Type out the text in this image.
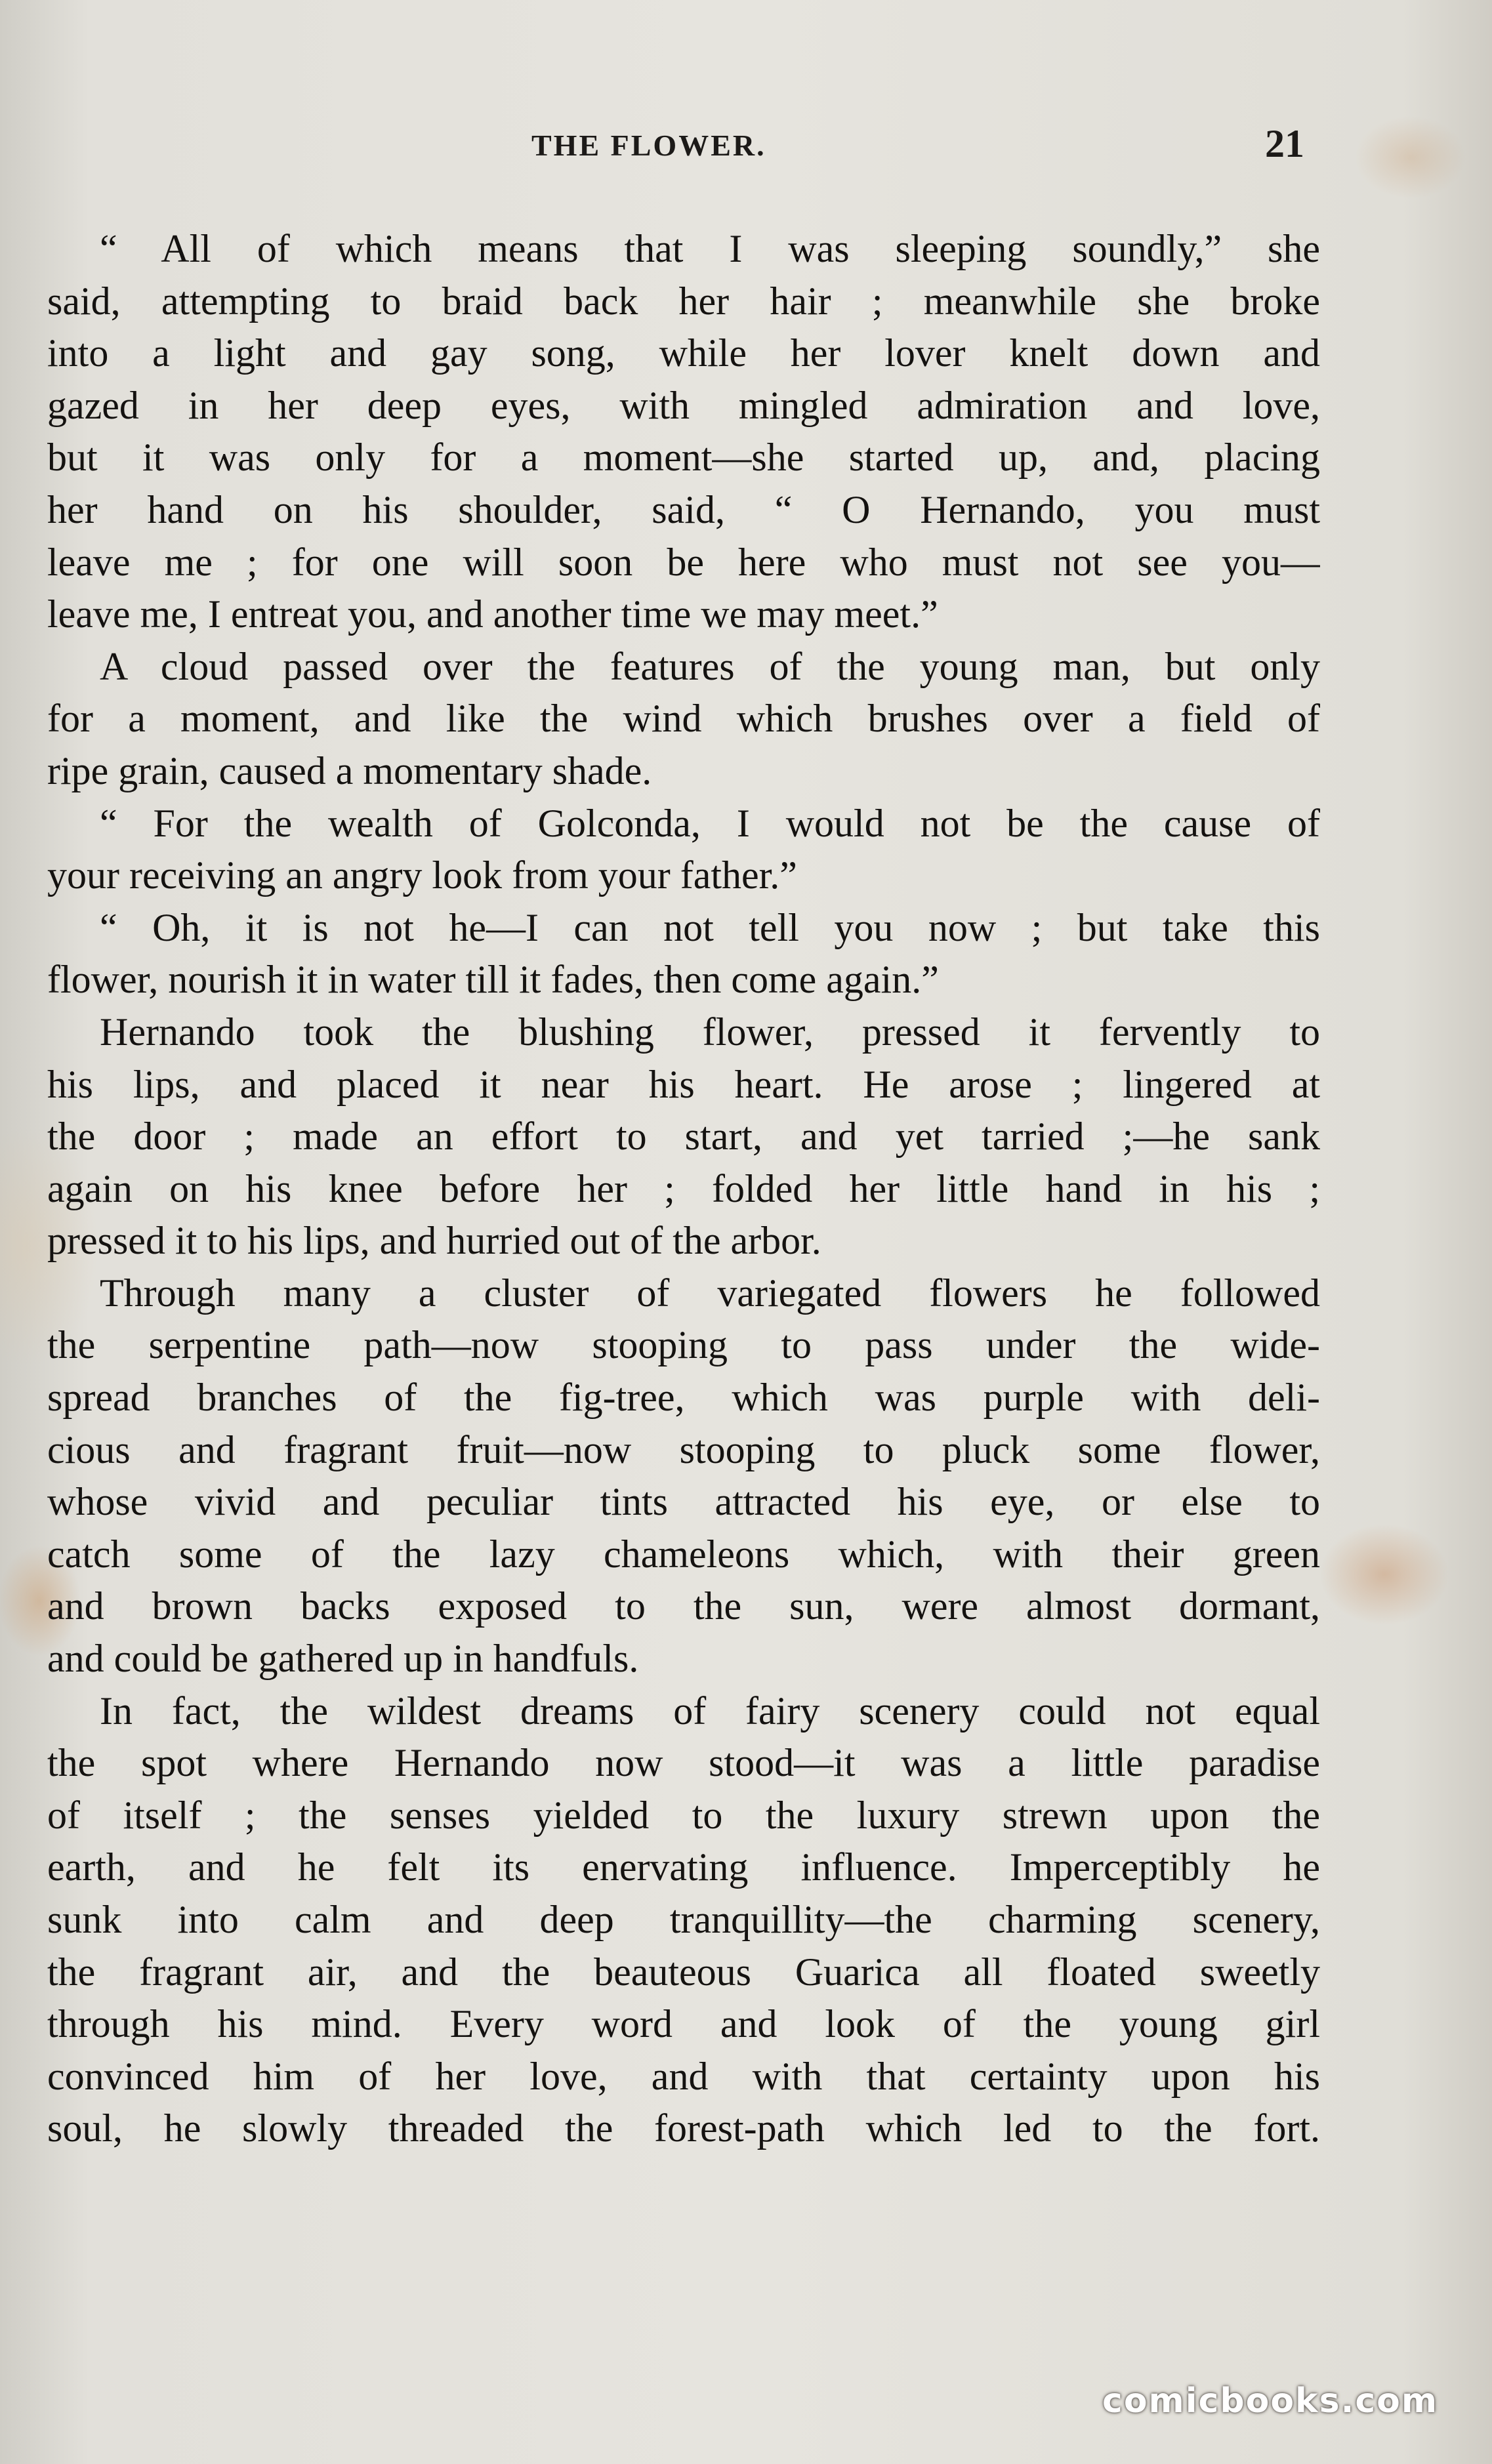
THE FLOWER.	21
“ All of which means that I was sleeping soundly,” she
said, attempting to braid back her hair ; meanwhile she broke
into a light and gay song, while her lover knelt down and
gazed in her deep eyes, with mingled admiration and love,
but it was only for a moment—she started up, and, placing
her hand on his shoulder, said, “ O Hernando, you must
leave me ; for one will soon be here who must not see you—
leave me, I entreat you, and another time we may meet.”
A cloud passed over the features of the young man, but only
for a moment, and like the wind which brushes over a field of
ripe grain, caused a momentary shade.
“ For the wealth of Golconda, I would not be the cause of
your receiving an angry look from your father.”
“ Oh, it is not he—I can not tell you now ; but take this
flower, nourish it in water till it fades, then come again.”
Hernando took the blushing flower, pressed it fervently to
his lips, and placed it near his heart. He arose ; lingered at
the door ; made an effort to start, and yet tarried ;—he sank
again on his knee before her ; folded her little hand in his ;
pressed it to his lips, and hurried out of the arbor.
Through many a cluster of variegated flowers he followed
the serpentine path—now stooping to pass under the wide-
spread branches of the fig-tree, which was purple with deli-
cious and fragrant fruit—now stooping to pluck some flower,
whose vivid and peculiar tints attracted his eye, or else to
catch some of the lazy chameleons which, with their green
and brown backs exposed to the sun, were almost dormant,
and could be gathered up in handfuls.
In fact, the wildest dreams of fairy scenery could not equal
the spot where Hernando now stood—it was a little paradise
of itself ; the senses yielded to the luxury strewn upon the
earth, and he felt its enervating influence. Imperceptibly he
sunk into calm and deep tranquillity—the charming scenery,
the fragrant air, and the beauteous Guarica all floated sweetly
through his mind. Every word and look of the young girl
convinced him of her love, and with that certainty upon his
soul, he slowly threaded the forest-path which led to the fort.
comicbooks.com
